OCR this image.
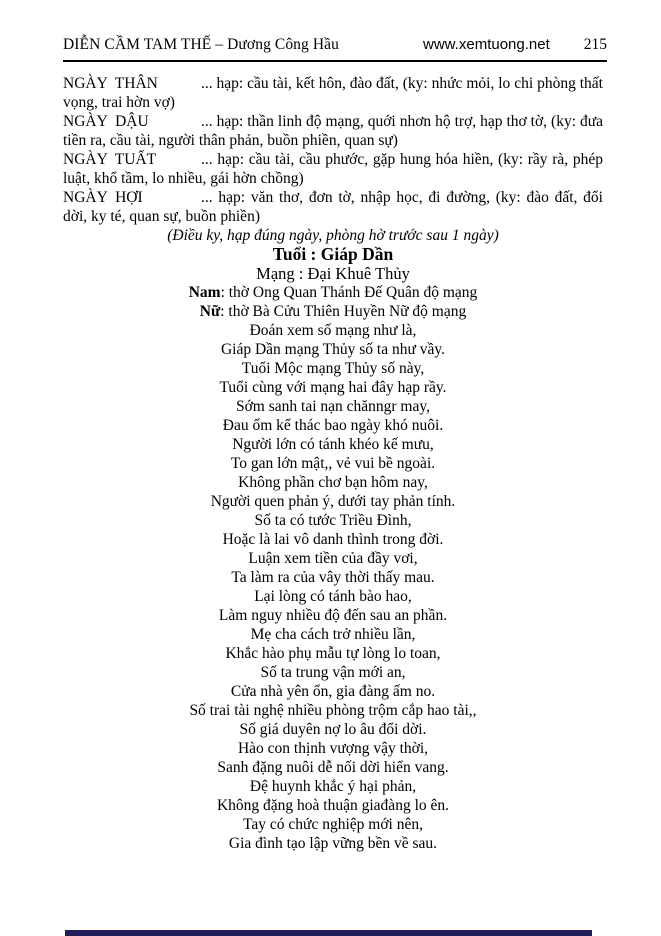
DIỄN CẦM TAM THẾ – Dương Công Hầu	www.xemtuong.net 215

NGÀY THÂN	... hạp: cầu tài, kết hôn, đào đất, (ky: nhức mỏi, lo chi phòng thất vọng, trai hờn vợ)

NGÀY DẬU	... hạp: thần linh độ mạng, quới nhơn hộ trợ, hạp thơ tờ, (ky: đưa tiền ra, cầu tài, người thân phản, buồn phiền, quan sự)

NGÀY TUẤT	... hạp: cầu tài, cầu phước, gặp hung hóa hiền, (ky: rầy rà, phép luật, khổ tầm, lo nhiều, gái hờn chồng)

NGÀY HỢI	... hạp: văn thơ, đơn tờ, nhập học, đi đường, (ky: đào đất, đổi dời, ky té, quan sự, buồn phiền)

(Điều ky, hạp đúng ngày, phòng hờ trước sau 1 ngày)
Tuổi : Giáp Dần
Mạng : Đại Khuê Thủy
Nam: thờ Ong Quan Thánh Đế Quân độ mạng
Nữ: thờ Bà Cửu Thiên Huyền Nữ độ mạng
Đoán xem số mạng như là,
Giáp Dần mạng Thủy số ta như vầy.
Tuổi Mộc mạng Thủy số này,
Tuổi cùng với mạng hai đây hạp rầy.
Sớm sanh tai nạn chănngr may,
Đau ốm kể thác bao ngày khó nuôi.
Người lớn có tánh khéo kế mưu,
To gan lớn mật,, vẻ vui bề ngoài.
Không phần chơ bạn hôm nay,
Người quen phản ý, dưới tay phản tính.
Số ta có tước Triều Đình,
Hoặc là lai vô danh thình trong đời.
Luận xem tiền của đầy vơi,
Ta làm ra của vây thời thấy mau.
Lại lòng có tánh bào hao,
Làm nguy nhiều độ đến sau an phần.
Mẹ cha cách trở nhiều lần,
Khắc hào phụ mẫu tự lòng lo toan,
Số ta trung vận mới an,
Cửa nhà yên ổn, gia đàng ấm no.
Số trai tài nghệ nhiều phòng trộm cắp hao tài,,
Số giá duyên nợ lo âu đổi dời.
Hào con thịnh vượng vậy thời,
Sanh đặng nuôi dễ nối dời hiển vang.
Đệ huynh khắc ý hại phản,
Không đặng hoà thuận giađàng lo ên.
Tay có chức nghiệp mới nên,
Gia đình tạo lập vững bền về sau.
